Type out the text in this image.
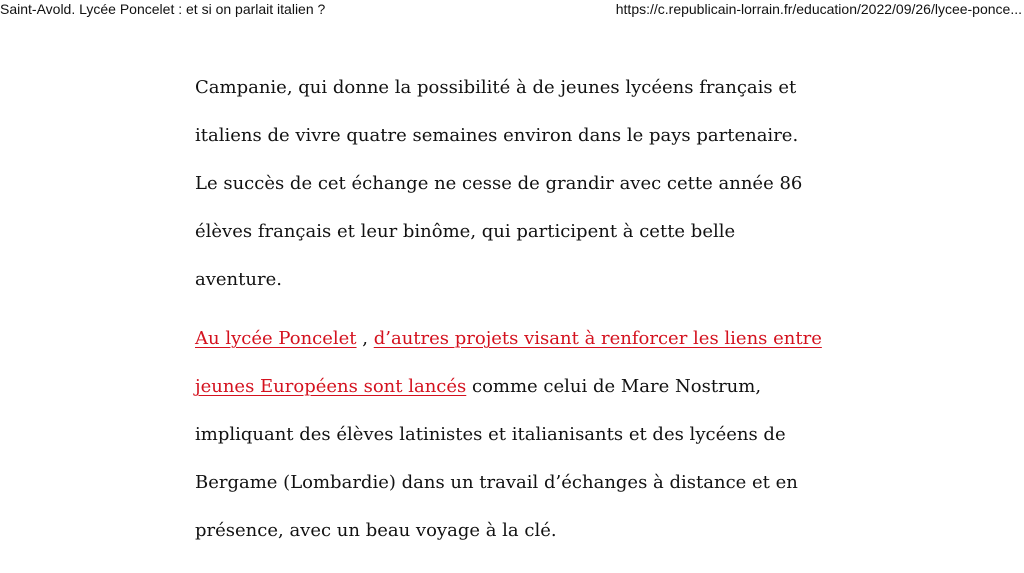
Saint-Avold. Lycée Poncelet : et si on parlait italien ?	https://c.republicain-lorrain.fr/education/2022/09/26/lycee-ponce...

Campanie, qui donne la possibilité à de jeunes lycéens français et
italiens de vivre quatre semaines environ dans le pays partenaire.
Le succès de cet échange ne cesse de grandir avec cette année 86
élèves français et leur binôme, qui participent à cette belle
aventure.

Au lycée Poncelet , d’autres projets visant à renforcer les liens entre
jeunes Européens sont lancés comme celui de Mare Nostrum,
impliquant des élèves latinistes et italianisants et des lycéens de
Bergame (Lombardie) dans un travail d’échanges à distance et en
présence, avec un beau voyage à la clé.
